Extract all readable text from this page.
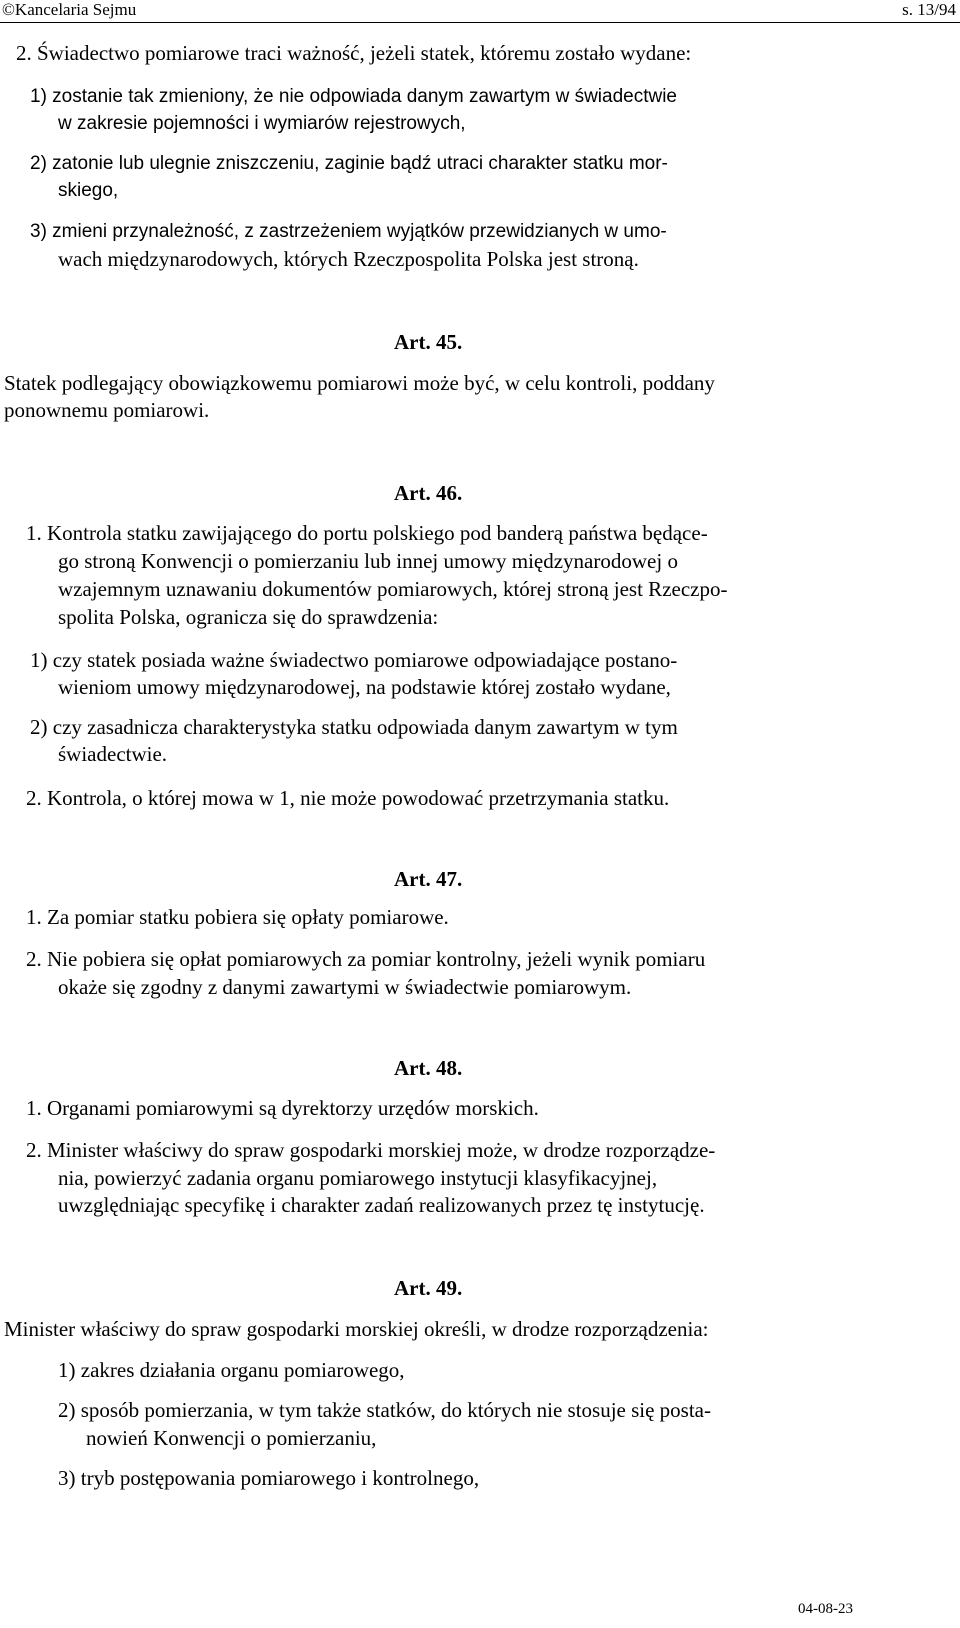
©Kancelaria Sejmu	s. 13/94
2. Świadectwo pomiarowe traci ważność, jeżeli statek, któremu zostało wydane:
1) zostanie tak zmieniony, że nie odpowiada danym zawartym w świadectwie
w zakresie pojemności i wymiarów rejestrowych,
2) zatonie lub ulegnie zniszczeniu, zaginie bądź utraci charakter statku mor-
skiego,
3) zmieni przynależność, z zastrzeżeniem wyjątków przewidzianych w umo-
wach międzynarodowych, których Rzeczpospolita Polska jest stroną.
Art. 45.
Statek podlegający obowiązkowemu pomiarowi może być, w celu kontroli, poddany
ponownemu pomiarowi.
Art. 46.
1. Kontrola statku zawijającego do portu polskiego pod banderą państwa będące-
go stroną Konwencji o pomierzaniu lub innej umowy międzynarodowej o
wzajemnym uznawaniu dokumentów pomiarowych, której stroną jest Rzeczpo-
spolita Polska, ogranicza się do sprawdzenia:
1) czy statek posiada ważne świadectwo pomiarowe odpowiadające postano-
wieniom umowy międzynarodowej, na podstawie której zostało wydane,
2) czy zasadnicza charakterystyka statku odpowiada danym zawartym w tym
świadectwie.
2. Kontrola, o której mowa w 1, nie może powodować przetrzymania statku.
Art. 47.
1. Za pomiar statku pobiera się opłaty pomiarowe.
2. Nie pobiera się opłat pomiarowych za pomiar kontrolny, jeżeli wynik pomiaru
okaże się zgodny z danymi zawartymi w świadectwie pomiarowym.
Art. 48.
1. Organami pomiarowymi są dyrektorzy urzędów morskich.
2. Minister właściwy do spraw gospodarki morskiej może, w drodze rozporządze-
nia, powierzyć zadania organu pomiarowego instytucji klasyfikacyjnej,
uwzględniając specyfikę i charakter zadań realizowanych przez tę instytucję.
Art. 49.
Minister właściwy do spraw gospodarki morskiej określi, w drodze rozporządzenia:
1) zakres działania organu pomiarowego,
2) sposób pomierzania, w tym także statków, do których nie stosuje się posta-
nowień Konwencji o pomierzaniu,
3) tryb postępowania pomiarowego i kontrolnego,
04-08-23
